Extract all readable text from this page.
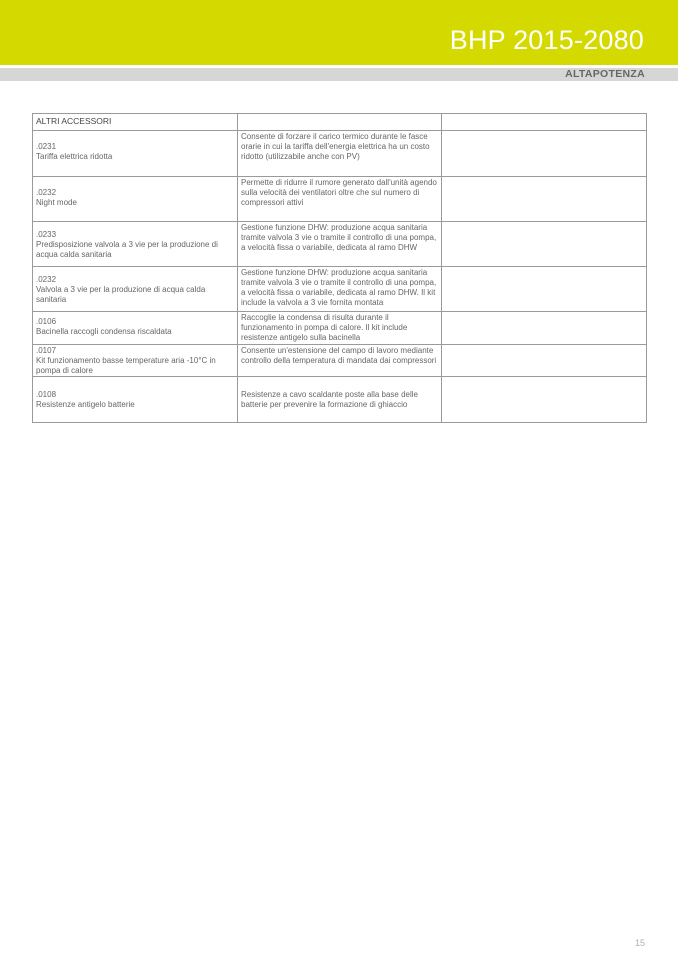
BHP 2015-2080
ALTAPOTENZA
ALTRI ACCESSORI		

.0231
Tariffa elettrica ridotta	Consente di forzare il carico termico durante le fasce orarie in cui la tariffa dell'energia elettrica ha un costo ridotto (utilizzabile anche con PV)	

.0232
Night mode	Permette di ridurre il rumore generato dall'unità agendo sulla velocità dei ventilatori oltre che sul numero di compressori attivi	

.0233
Predisposizione valvola a 3 vie per la produzione di acqua calda sanitaria	Gestione funzione DHW: produzione acqua sanitaria tramite valvola 3 vie o tramite il controllo di una pompa, a velocità fissa o variabile, dedicata al ramo DHW	

.0232
Valvola a 3 vie per la produzione di acqua calda sanitaria	Gestione funzione DHW: produzione acqua sanitaria tramite valvola 3 vie o tramite il controllo di una pompa, a velocità fissa o variabile, dedicata al ramo DHW. Il kit include la valvola a 3 vie fornita montata	

.0106
Bacinella raccogli condensa riscaldata	Raccoglie la condensa di risulta durante il funzionamento in pompa di calore. Il kit include resistenze antigelo sulla bacinella	

.0107
Kit funzionamento basse temperature aria -10°C in pompa di calore	Consente un'estensione del campo di lavoro mediante controllo della temperatura di mandata dai compressori	

.0108
Resistenze antigelo batterie	Resistenze a cavo scaldante poste alla base delle batterie per prevenire la formazione di ghiaccio	

15
